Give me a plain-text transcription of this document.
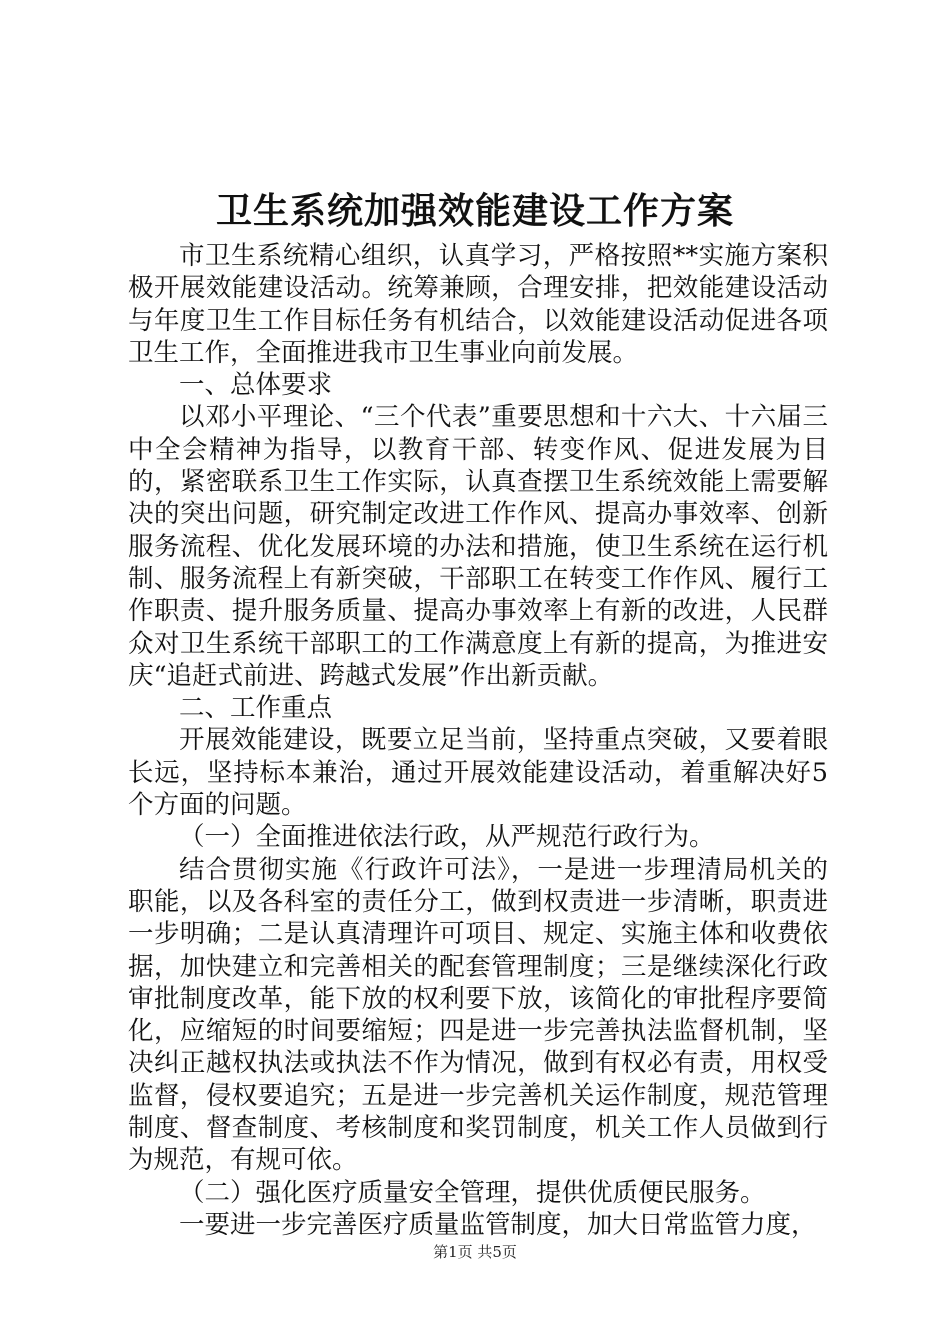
卫生系统加强效能建设工作方案

市卫生系统精心组织，认真学习，严格按照**实施方案积极开展效能建设活动。统筹兼顾，合理安排，把效能建设活动与年度卫生工作目标任务有机结合，以效能建设活动促进各项卫生工作，全面推进我市卫生事业向前发展。

一、总体要求

以邓小平理论、“三个代表”重要思想和十六大、十六届三中全会精神为指导，以教育干部、转变作风、促进发展为目的，紧密联系卫生工作实际，认真查摆卫生系统效能上需要解决的突出问题，研究制定改进工作作风、提高办事效率、创新服务流程、优化发展环境的办法和措施，使卫生系统在运行机制、服务流程上有新突破，干部职工在转变工作作风、履行工作职责、提升服务质量、提高办事效率上有新的改进，人民群众对卫生系统干部职工的工作满意度上有新的提高，为推进安庆“追赶式前进、跨越式发展”作出新贡献。

二、工作重点

开展效能建设，既要立足当前，坚持重点突破，又要着眼长远，坚持标本兼治，通过开展效能建设活动，着重解决好5个方面的问题。

（一）全面推进依法行政，从严规范行政行为。

结合贯彻实施《行政许可法》，一是进一步理清局机关的职能，以及各科室的责任分工，做到权责进一步清晰，职责进一步明确；二是认真清理许可项目、规定、实施主体和收费依据，加快建立和完善相关的配套管理制度；三是继续深化行政审批制度改革，能下放的权利要下放，该简化的审批程序要简化，应缩短的时间要缩短；四是进一步完善执法监督机制，坚决纠正越权执法或执法不作为情况，做到有权必有责，用权受监督，侵权要追究；五是进一步完善机关运作制度，规范管理制度、督查制度、考核制度和奖罚制度，机关工作人员做到行为规范，有规可依。

（二）强化医疗质量安全管理，提供优质便民服务。

一要进一步完善医疗质量监管制度，加大日常监管力度，

第1页 共5页
